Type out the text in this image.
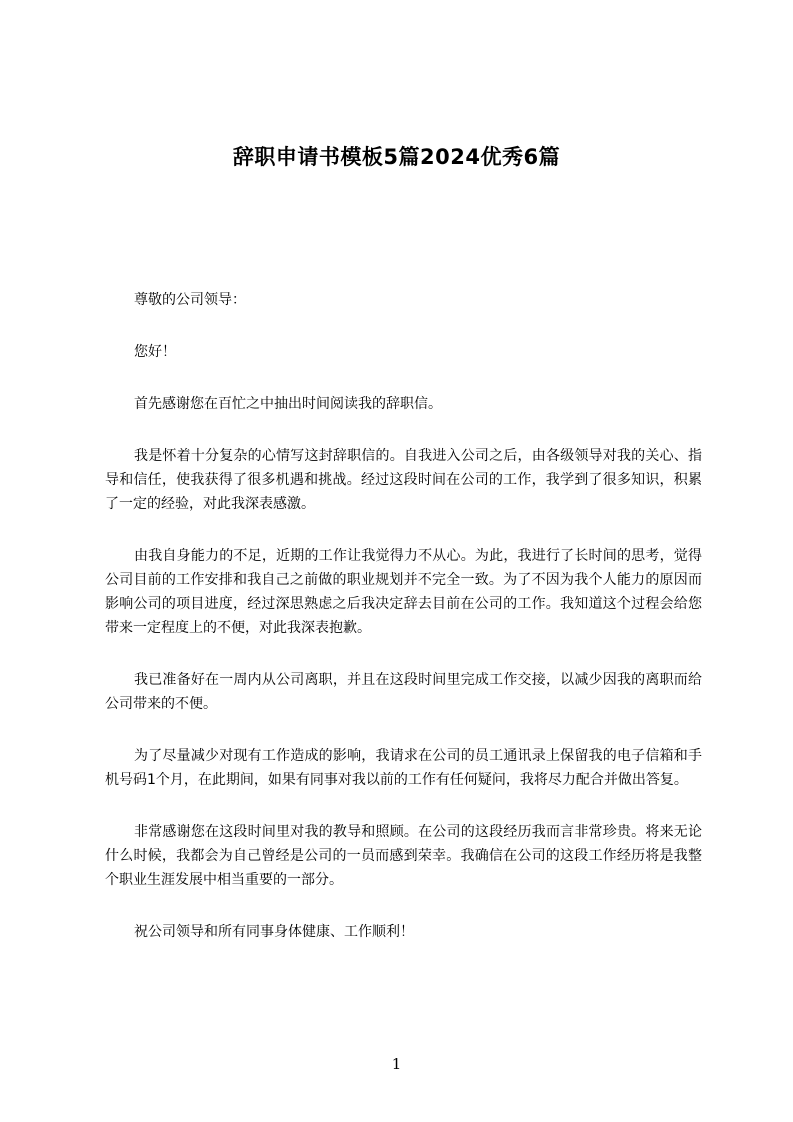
辞职申请书模板5篇2024优秀6篇

尊敬的公司领导：

您好！

首先感谢您在百忙之中抽出时间阅读我的辞职信。

我是怀着十分复杂的心情写这封辞职信的。自我进入公司之后，由各级领导对我的关心、指导和信任，使我获得了很多机遇和挑战。经过这段时间在公司的工作，我学到了很多知识，积累了一定的经验，对此我深表感激。

由我自身能力的不足，近期的工作让我觉得力不从心。为此，我进行了长时间的思考，觉得公司目前的工作安排和我自己之前做的职业规划并不完全一致。为了不因为我个人能力的原因而影响公司的项目进度，经过深思熟虑之后我决定辞去目前在公司的工作。我知道这个过程会给您带来一定程度上的不便，对此我深表抱歉。

我已准备好在一周内从公司离职，并且在这段时间里完成工作交接，以减少因我的离职而给公司带来的不便。

为了尽量减少对现有工作造成的影响，我请求在公司的员工通讯录上保留我的电子信箱和手机号码1个月，在此期间，如果有同事对我以前的工作有任何疑问，我将尽力配合并做出答复。

非常感谢您在这段时间里对我的教导和照顾。在公司的这段经历我而言非常珍贵。将来无论什么时候，我都会为自己曾经是公司的一员而感到荣幸。我确信在公司的这段工作经历将是我整个职业生涯发展中相当重要的一部分。

祝公司领导和所有同事身体健康、工作顺利！

1
